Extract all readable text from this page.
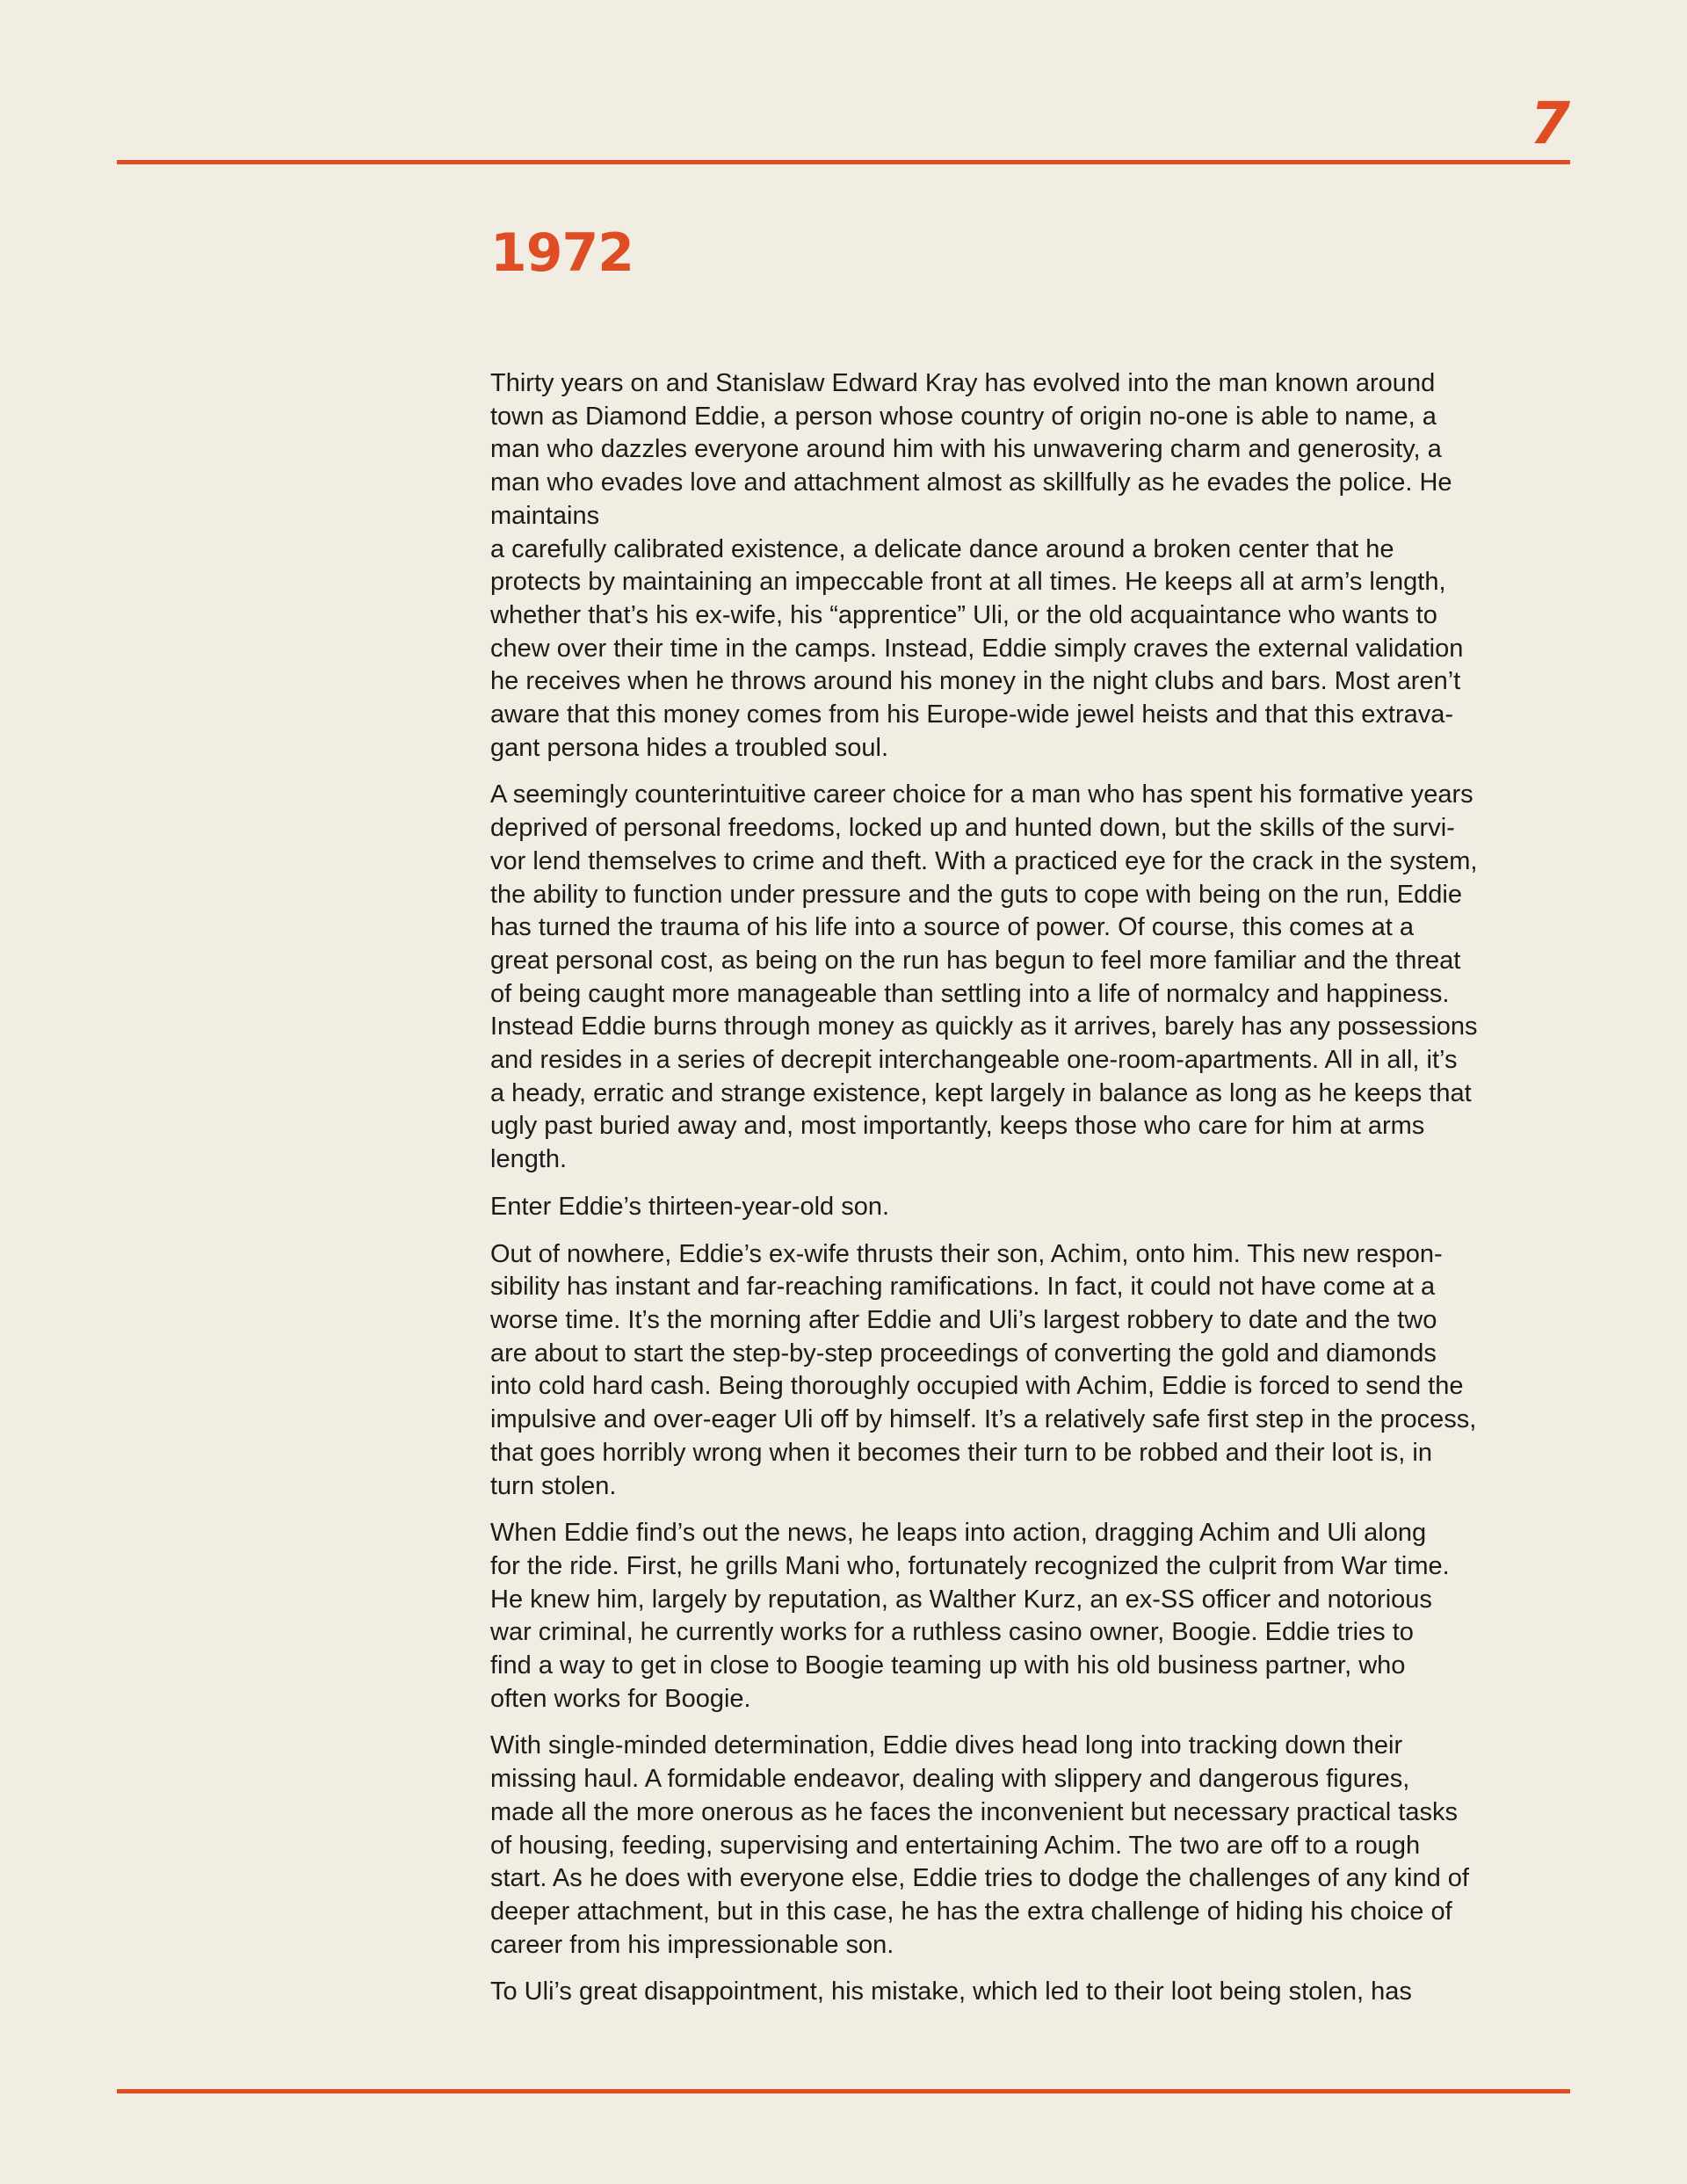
7
1972

Thirty years on and Stanislaw Edward Kray has evolved into the man known around
town as Diamond Eddie, a person whose country of origin no-one is able to name, a
man who dazzles everyone around him with his unwavering charm and generosity, a
man who evades love and attachment almost as skillfully as he evades the police. He
maintains
a carefully calibrated existence, a delicate dance around a broken center that he
protects by maintaining an impeccable front at all times. He keeps all at arm’s length,
whether that’s his ex-wife, his “apprentice” Uli, or the old acquaintance who wants to
chew over their time in the camps. Instead, Eddie simply craves the external validation
he receives when he throws around his money in the night clubs and bars. Most aren’t
aware that this money comes from his Europe-wide jewel heists and that this extrava-
gant persona hides a troubled soul.

A seemingly counterintuitive career choice for a man who has spent his formative years
deprived of personal freedoms, locked up and hunted down, but the skills of the survi-
vor lend themselves to crime and theft. With a practiced eye for the crack in the system,
the ability to function under pressure and the guts to cope with being on the run, Eddie
has turned the trauma of his life into a source of power. Of course, this comes at a
great personal cost, as being on the run has begun to feel more familiar and the threat
of being caught more manageable than settling into a life of normalcy and happiness.
Instead Eddie burns through money as quickly as it arrives, barely has any possessions
and resides in a series of decrepit interchangeable one-room-apartments. All in all, it’s
a heady, erratic and strange existence, kept largely in balance as long as he keeps that
ugly past buried away and, most importantly, keeps those who care for him at arms
length.

Enter Eddie’s thirteen-year-old son.

Out of nowhere, Eddie’s ex-wife thrusts their son, Achim, onto him. This new respon-
sibility has instant and far-reaching ramifications. In fact, it could not have come at a
worse time. It’s the morning after Eddie and Uli’s largest robbery to date and the two
are about to start the step-by-step proceedings of converting the gold and diamonds
into cold hard cash. Being thoroughly occupied with Achim, Eddie is forced to send the
impulsive and over-eager Uli off by himself. It’s a relatively safe first step in the process,
that goes horribly wrong when it becomes their turn to be robbed and their loot is, in
turn stolen.

When Eddie find’s out the news, he leaps into action, dragging Achim and Uli along
for the ride. First, he grills Mani who, fortunately recognized the culprit from War time.
He knew him, largely by reputation, as Walther Kurz, an ex-SS officer and notorious
war criminal, he currently works for a ruthless casino owner, Boogie. Eddie tries to
find a way to get in close to Boogie teaming up with his old business partner, who
often works for Boogie.

With single-minded determination, Eddie dives head long into tracking down their
missing haul. A formidable endeavor, dealing with slippery and dangerous figures,
made all the more onerous as he faces the inconvenient but necessary practical tasks
of housing, feeding, supervising and entertaining Achim. The two are off to a rough
start. As he does with everyone else, Eddie tries to dodge the challenges of any kind of
deeper attachment, but in this case, he has the extra challenge of hiding his choice of
career from his impressionable son.

To Uli’s great disappointment, his mistake, which led to their loot being stolen, has
